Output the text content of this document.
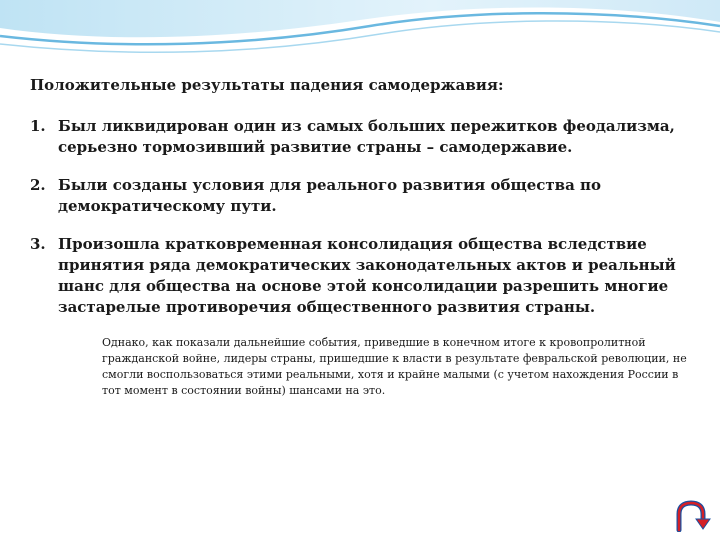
Положительные результаты падения самодержавия:
1. Был ликвидирован один из самых больших пережитков феодализма, серьезно тормозивший развитие страны – самодержавие.
2. Были созданы условия для реального развития общества по демократическому пути.
3. Произошла кратковременная консолидация общества вследствие принятия ряда демократических законодательных актов и реальный шанс для общества на основе этой консолидации разрешить многие застарелые противоречия общественного развития страны.
Однако, как показали дальнейшие события, приведшие в конечном итоге к кровопролитной гражданской войне, лидеры страны, пришедшие к власти в результате февральской революции, не смогли воспользоваться этими реальными, хотя и крайне малыми (с учетом нахождения России в тот момент в состоянии войны) шансами на это.
